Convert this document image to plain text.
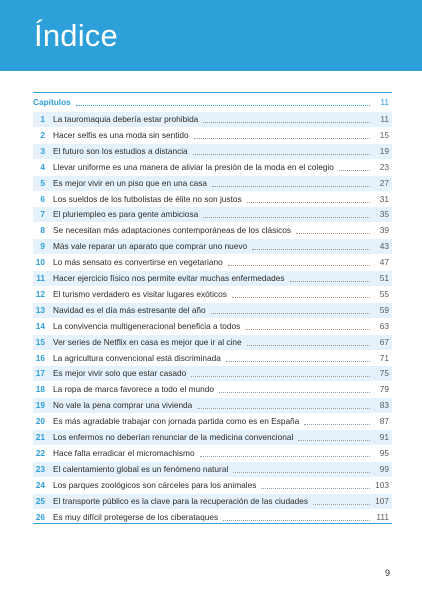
Índice
Capítulos	11
1 La tauromaquia debería estar prohibida	11
2 Hacer selfis es una moda sin sentido	15
3 El futuro son los estudios a distancia	19
4 Llevar uniforme es una manera de aliviar la presión de la moda en el colegio	23
5 Es mejor vivir en un piso que en una casa	27
6 Los sueldos de los futbolistas de élite no son justos	31
7 El pluriempleo es para gente ambiciosa	35
8 Se necesitan más adaptaciones contemporáneas de los clásicos	39
9 Más vale reparar un aparato que comprar uno nuevo	43
10 Lo más sensato es convertirse en vegetariano	47
11 Hacer ejercicio físico nos permite evitar muchas enfermedades	51
12 El turismo verdadero es visitar lugares exóticos	55
13 Navidad es el día más estresante del año	59
14 La convivencia multigeneracional beneficia a todos	63
15 Ver series de Netflix en casa es mejor que ir al cine	67
16 La agricultura convencional está discriminada	71
17 Es mejor vivir solo que estar casado	75
18 La ropa de marca favorece a todo el mundo	79
19 No vale la pena comprar una vivienda	83
20 Es más agradable trabajar con jornada partida como es en España	87
21 Los enfermos no deberían renunciar de la medicina convencional	91
22 Hace falta erradicar el micromachismo	95
23 El calentamiento global es un fenómeno natural	99
24 Los parques zoológicos son cárceles para los animales	103
25 El transporte público es la clave para la recuperación de las ciudades	107
26 Es muy difícil protegerse de los ciberataques	111
9
